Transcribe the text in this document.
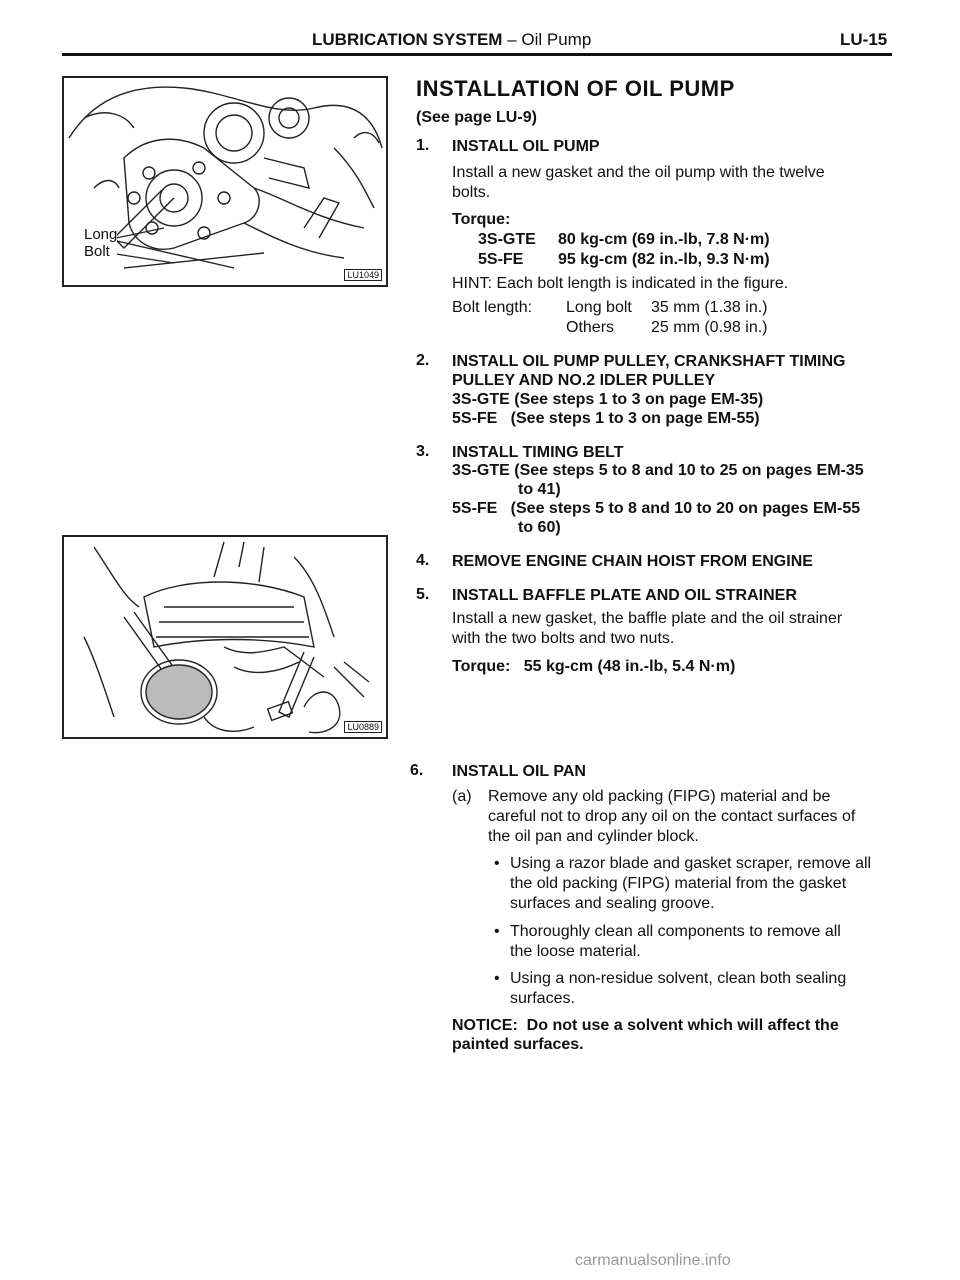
LUBRICATION SYSTEM – Oil Pump	LU-15
Long
Bolt
LU1049
LU0889
INSTALLATION OF OIL PUMP
(See page LU-9)
1. INSTALL OIL PUMP
Install a new gasket and the oil pump with the twelve
bolts.
Torque:
3S-GTE 80 kg-cm (69 in.-lb, 7.8 N·m)
5S-FE 95 kg-cm (82 in.-lb, 9.3 N·m)
HINT: Each bolt length is indicated in the figure.
Bolt length: Long bolt 35 mm (1.38 in.)
Others 25 mm (0.98 in.)
2. INSTALL OIL PUMP PULLEY, CRANKSHAFT TIMING
PULLEY AND NO.2 IDLER PULLEY
3S-GTE (See steps 1 to 3 on page EM-35)
5S-FE   (See steps 1 to 3 on page EM-55)
3. INSTALL TIMING BELT
3S-GTE (See steps 5 to 8 and 10 to 25 on pages EM-35
to 41)
5S-FE   (See steps 5 to 8 and 10 to 20 on pages EM-55
to 60)
4. REMOVE ENGINE CHAIN HOIST FROM ENGINE
5. INSTALL BAFFLE PLATE AND OIL STRAINER
Install a new gasket, the baffle plate and the oil strainer
with the two bolts and two nuts.
Torque:   55 kg-cm (48 in.-lb, 5.4 N·m)
6. INSTALL OIL PAN
(a) Remove any old packing (FIPG) material and be
careful not to drop any oil on the contact surfaces of
the oil pan and cylinder block.
• Using a razor blade and gasket scraper, remove all
the old packing (FIPG) material from the gasket
surfaces and sealing groove.
• Thoroughly clean all components to remove all
the loose material.
• Using a non-residue solvent, clean both sealing
surfaces.
NOTICE:  Do not use a solvent which will affect the
painted surfaces.
carmanualsonline.info
